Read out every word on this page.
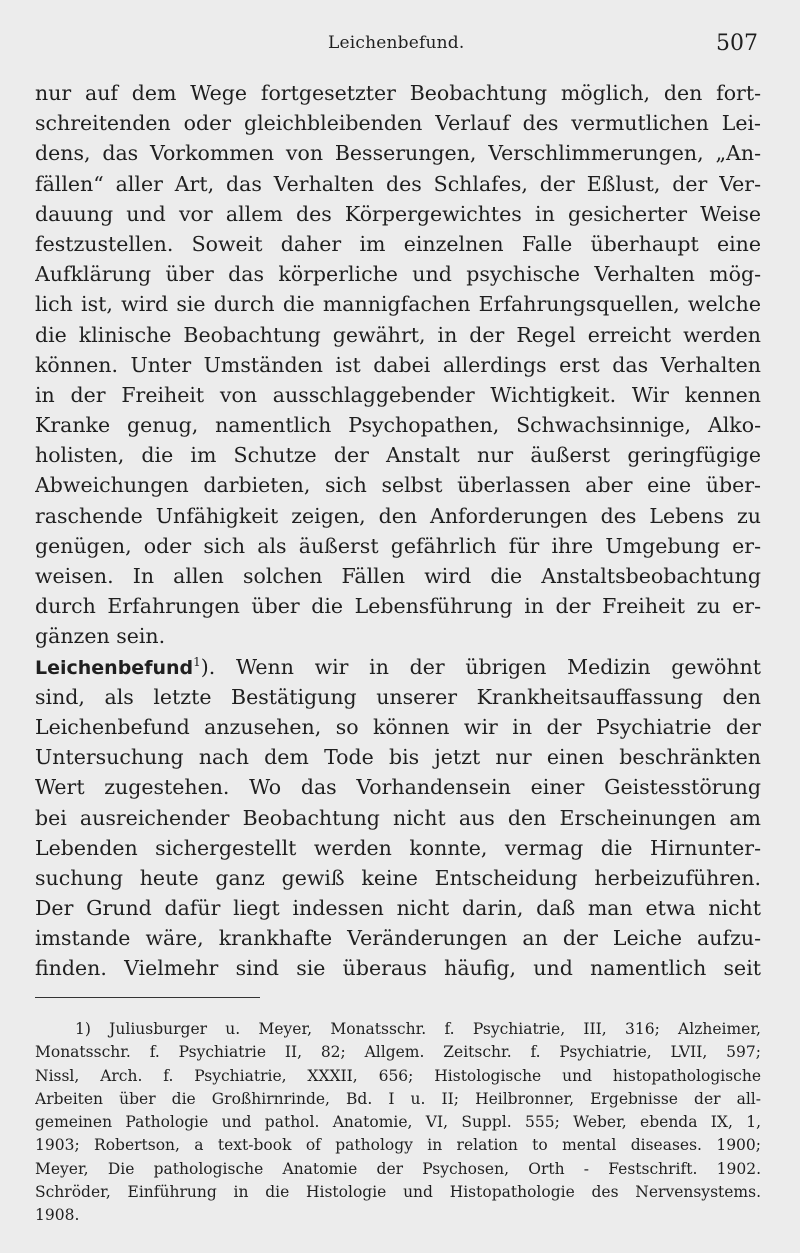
Leichenbefund.	507
nur auf dem Wege fortgesetzter Beobachtung möglich, den fort-
schreitenden oder gleichbleibenden Verlauf des vermutlichen Lei-
dens, das Vorkommen von Besserungen, Verschlimmerungen, „An-
fällen“ aller Art, das Verhalten des Schlafes, der Eßlust, der Ver-
dauung und vor allem des Körpergewichtes in gesicherter Weise
festzustellen. Soweit daher im einzelnen Falle überhaupt eine
Aufklärung über das körperliche und psychische Verhalten mög-
lich ist, wird sie durch die mannigfachen Erfahrungsquellen, welche
die klinische Beobachtung gewährt, in der Regel erreicht werden
können. Unter Umständen ist dabei allerdings erst das Verhalten
in der Freiheit von ausschlaggebender Wichtigkeit. Wir kennen
Kranke genug, namentlich Psychopathen, Schwachsinnige, Alko-
holisten, die im Schutze der Anstalt nur äußerst geringfügige
Abweichungen darbieten, sich selbst überlassen aber eine über-
raschende Unfähigkeit zeigen, den Anforderungen des Lebens zu
genügen, oder sich als äußerst gefährlich für ihre Umgebung er-
weisen. In allen solchen Fällen wird die Anstaltsbeobachtung
durch Erfahrungen über die Lebensführung in der Freiheit zu er-
gänzen sein.
Leichenbefund$^1$). Wenn wir in der übrigen Medizin gewöhnt
sind, als letzte Bestätigung unserer Krankheitsauffassung den
Leichenbefund anzusehen, so können wir in der Psychiatrie der
Untersuchung nach dem Tode bis jetzt nur einen beschränkten
Wert zugestehen. Wo das Vorhandensein einer Geistesstörung
bei ausreichender Beobachtung nicht aus den Erscheinungen am
Lebenden sichergestellt werden konnte, vermag die Hirnunter-
suchung heute ganz gewiß keine Entscheidung herbeizuführen.
Der Grund dafür liegt indessen nicht darin, daß man etwa nicht
imstande wäre, krankhafte Veränderungen an der Leiche aufzu-
finden. Vielmehr sind sie überaus häufig, und namentlich seit
1) Juliusburger u. Meyer, Monatsschr. f. Psychiatrie, III, 316; Alzheimer,
Monatsschr. f. Psychiatrie II, 82; Allgem. Zeitschr. f. Psychiatrie, LVII, 597;
Nissl, Arch. f. Psychiatrie, XXXII, 656; Histologische und histopathologische
Arbeiten über die Großhirnrinde, Bd. I u. II; Heilbronner, Ergebnisse der all-
gemeinen Pathologie und pathol. Anatomie, VI, Suppl. 555; Weber, ebenda IX, 1,
1903; Robertson, a text-book of pathology in relation to mental diseases. 1900;
Meyer, Die pathologische Anatomie der Psychosen, Orth - Festschrift. 1902.
Schröder, Einführung in die Histologie und Histopathologie des Nervensystems.
1908.
